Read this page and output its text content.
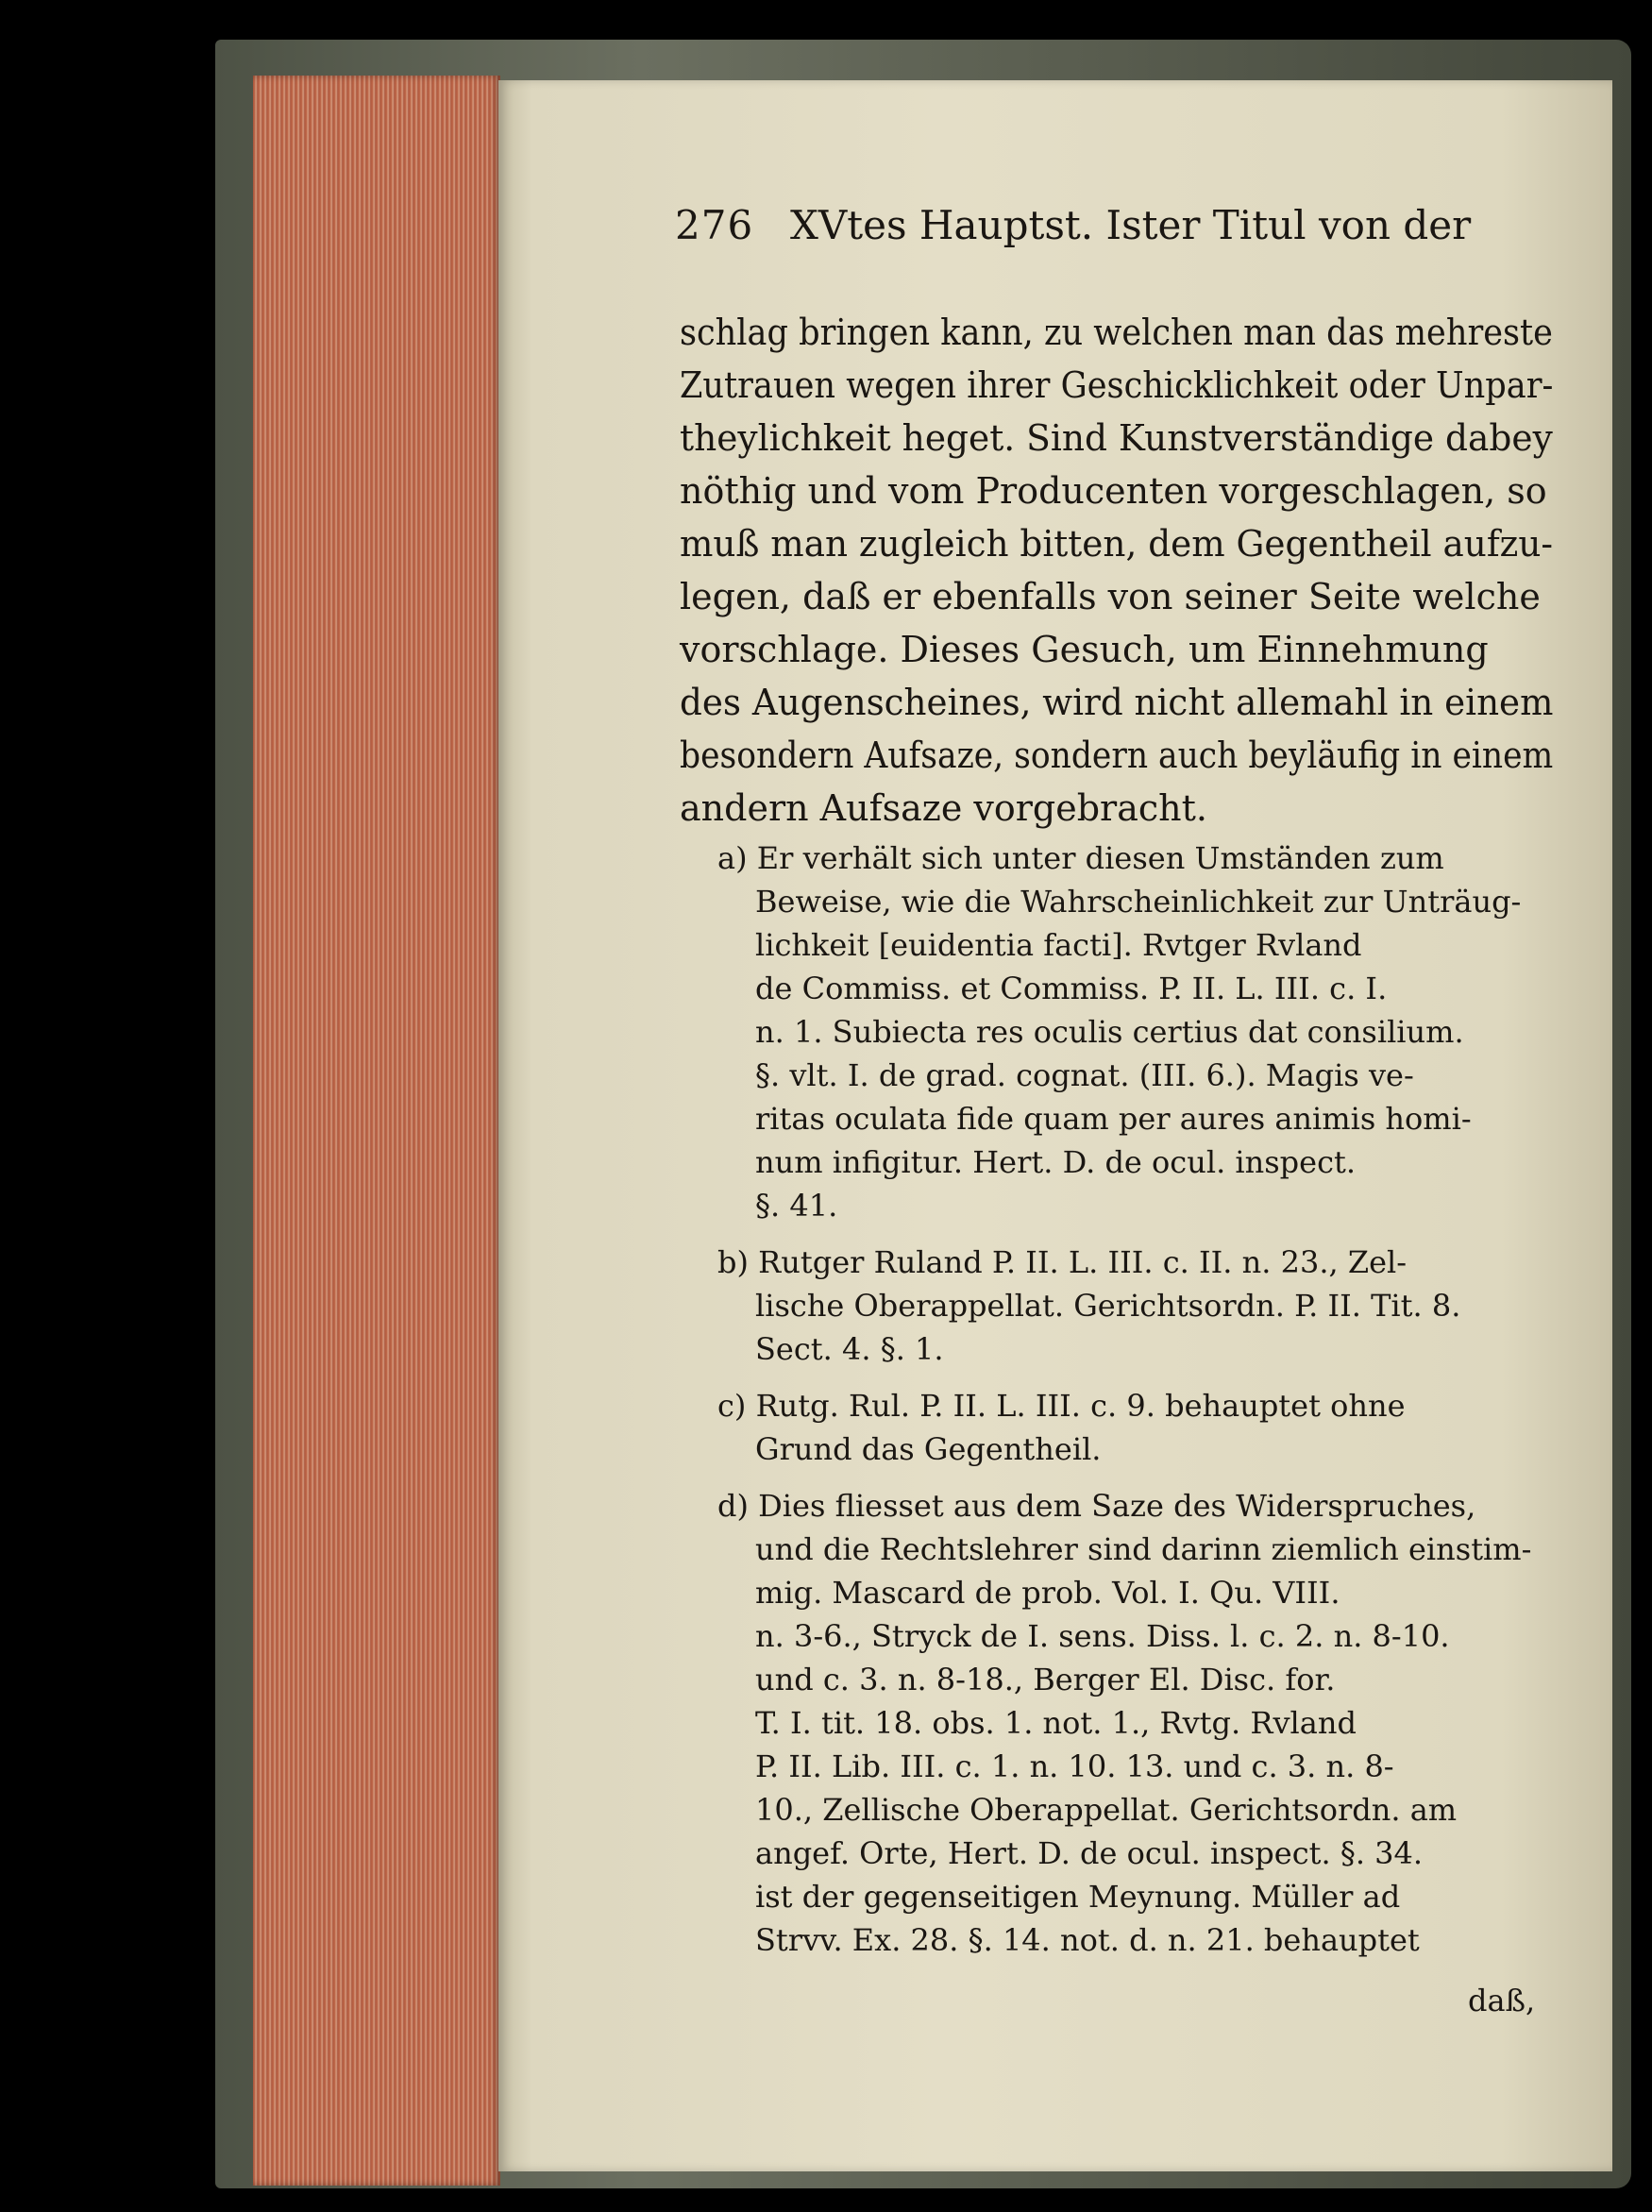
276 XVtes Hauptst. Ister Titul von der
schlag bringen kann, zu welchen man das mehreste
Zutrauen wegen ihrer Geschicklichkeit oder Unpar-
theylichkeit heget. Sind Kunstverständige dabey
nöthig und vom Producenten vorgeschlagen, so
muß man zugleich bitten, dem Gegentheil aufzu-
legen, daß er ebenfalls von seiner Seite welche
vorschlage. Dieses Gesuch, um Einnehmung
des Augenscheines, wird nicht allemahl in einem
besondern Aufsaze, sondern auch beyläufig in einem
andern Aufsaze vorgebracht.
a) Er verhält sich unter diesen Umständen zum
Beweise, wie die Wahrscheinlichkeit zur Unträug-
lichkeit [euidentia facti]. Rvtger Rvland
de Commiss. et Commiss. P. II. L. III. c. I.
n. 1. Subiecta res oculis certius dat consilium.
§. vlt. I. de grad. cognat. (III. 6.). Magis ve-
ritas oculata fide quam per aures animis homi-
num infigitur. Hert. D. de ocul. inspect.
§. 41.
b) Rutger Ruland P. II. L. III. c. II. n. 23., Zel-
lische Oberappellat. Gerichtsordn. P. II. Tit. 8.
Sect. 4. §. 1.
c) Rutg. Rul. P. II. L. III. c. 9. behauptet ohne
Grund das Gegentheil.
d) Dies fliesset aus dem Saze des Widerspruches,
und die Rechtslehrer sind darinn ziemlich einstim-
mig. Mascard de prob. Vol. I. Qu. VIII.
n. 3-6., Stryck de I. sens. Diss. l. c. 2. n. 8-10.
und c. 3. n. 8-18., Berger El. Disc. for.
T. I. tit. 18. obs. 1. not. 1., Rvtg. Rvland
P. II. Lib. III. c. 1. n. 10. 13. und c. 3. n. 8-
10., Zellische Oberappellat. Gerichtsordn. am
angef. Orte, Hert. D. de ocul. inspect. §. 34.
ist der gegenseitigen Meynung. Müller ad
Strvv. Ex. 28. §. 14. not. d. n. 21. behauptet
daß,
